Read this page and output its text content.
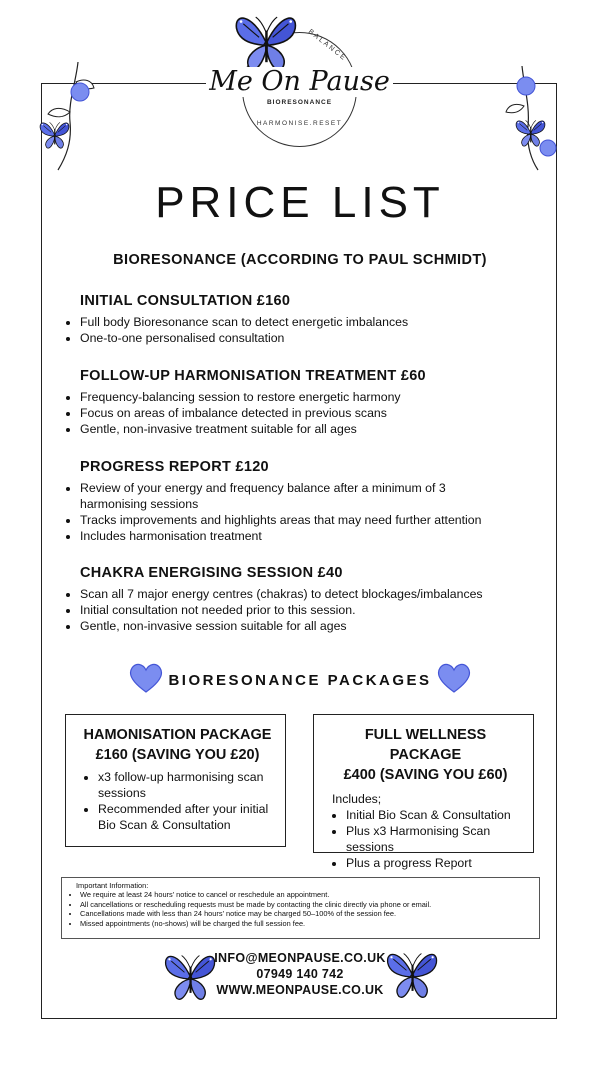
BALANCE
Me On Pause
BIORESONANCE
HARMONISE.RESET
PRICE LIST
BIORESONANCE (ACCORDING TO PAUL SCHMIDT)
INITIAL CONSULTATION £160
• Full body Bioresonance scan to detect energetic imbalances
• One-to-one personalised consultation
FOLLOW-UP HARMONISATION TREATMENT £60
• Frequency-balancing session to restore energetic harmony
• Focus on areas of imbalance detected in previous scans
• Gentle, non-invasive treatment suitable for all ages
PROGRESS REPORT £120
• Review of your energy and frequency balance after a minimum of 3 harmonising sessions
• Tracks improvements and highlights areas that may need further attention
• Includes harmonisation treatment
CHAKRA ENERGISING SESSION £40
• Scan all 7 major energy centres (chakras) to detect blockages/imbalances
• Initial consultation not needed prior to this session.
• Gentle, non-invasive session suitable for all ages
BIORESONANCE PACKAGES
HAMONISATION PACKAGE
£160 (SAVING YOU £20)
• x3 follow-up harmonising scan sessions
• Recommended after your initial Bio Scan & Consultation
FULL WELLNESS PACKAGE
£400 (SAVING YOU £60)
Includes;
• Initial Bio Scan & Consultation
• Plus x3 Harmonising Scan sessions
• Plus a progress Report
Important Information:
• We require at least 24 hours’ notice to cancel or reschedule an appointment.
• All cancellations or rescheduling requests must be made by contacting the clinic directly via phone or email.
• Cancellations made with less than 24 hours’ notice may be charged 50–100% of the session fee.
• Missed appointments (no-shows) will be charged the full session fee.
INFO@MEONPAUSE.CO.UK
07949 140 742
WWW.MEONPAUSE.CO.UK
